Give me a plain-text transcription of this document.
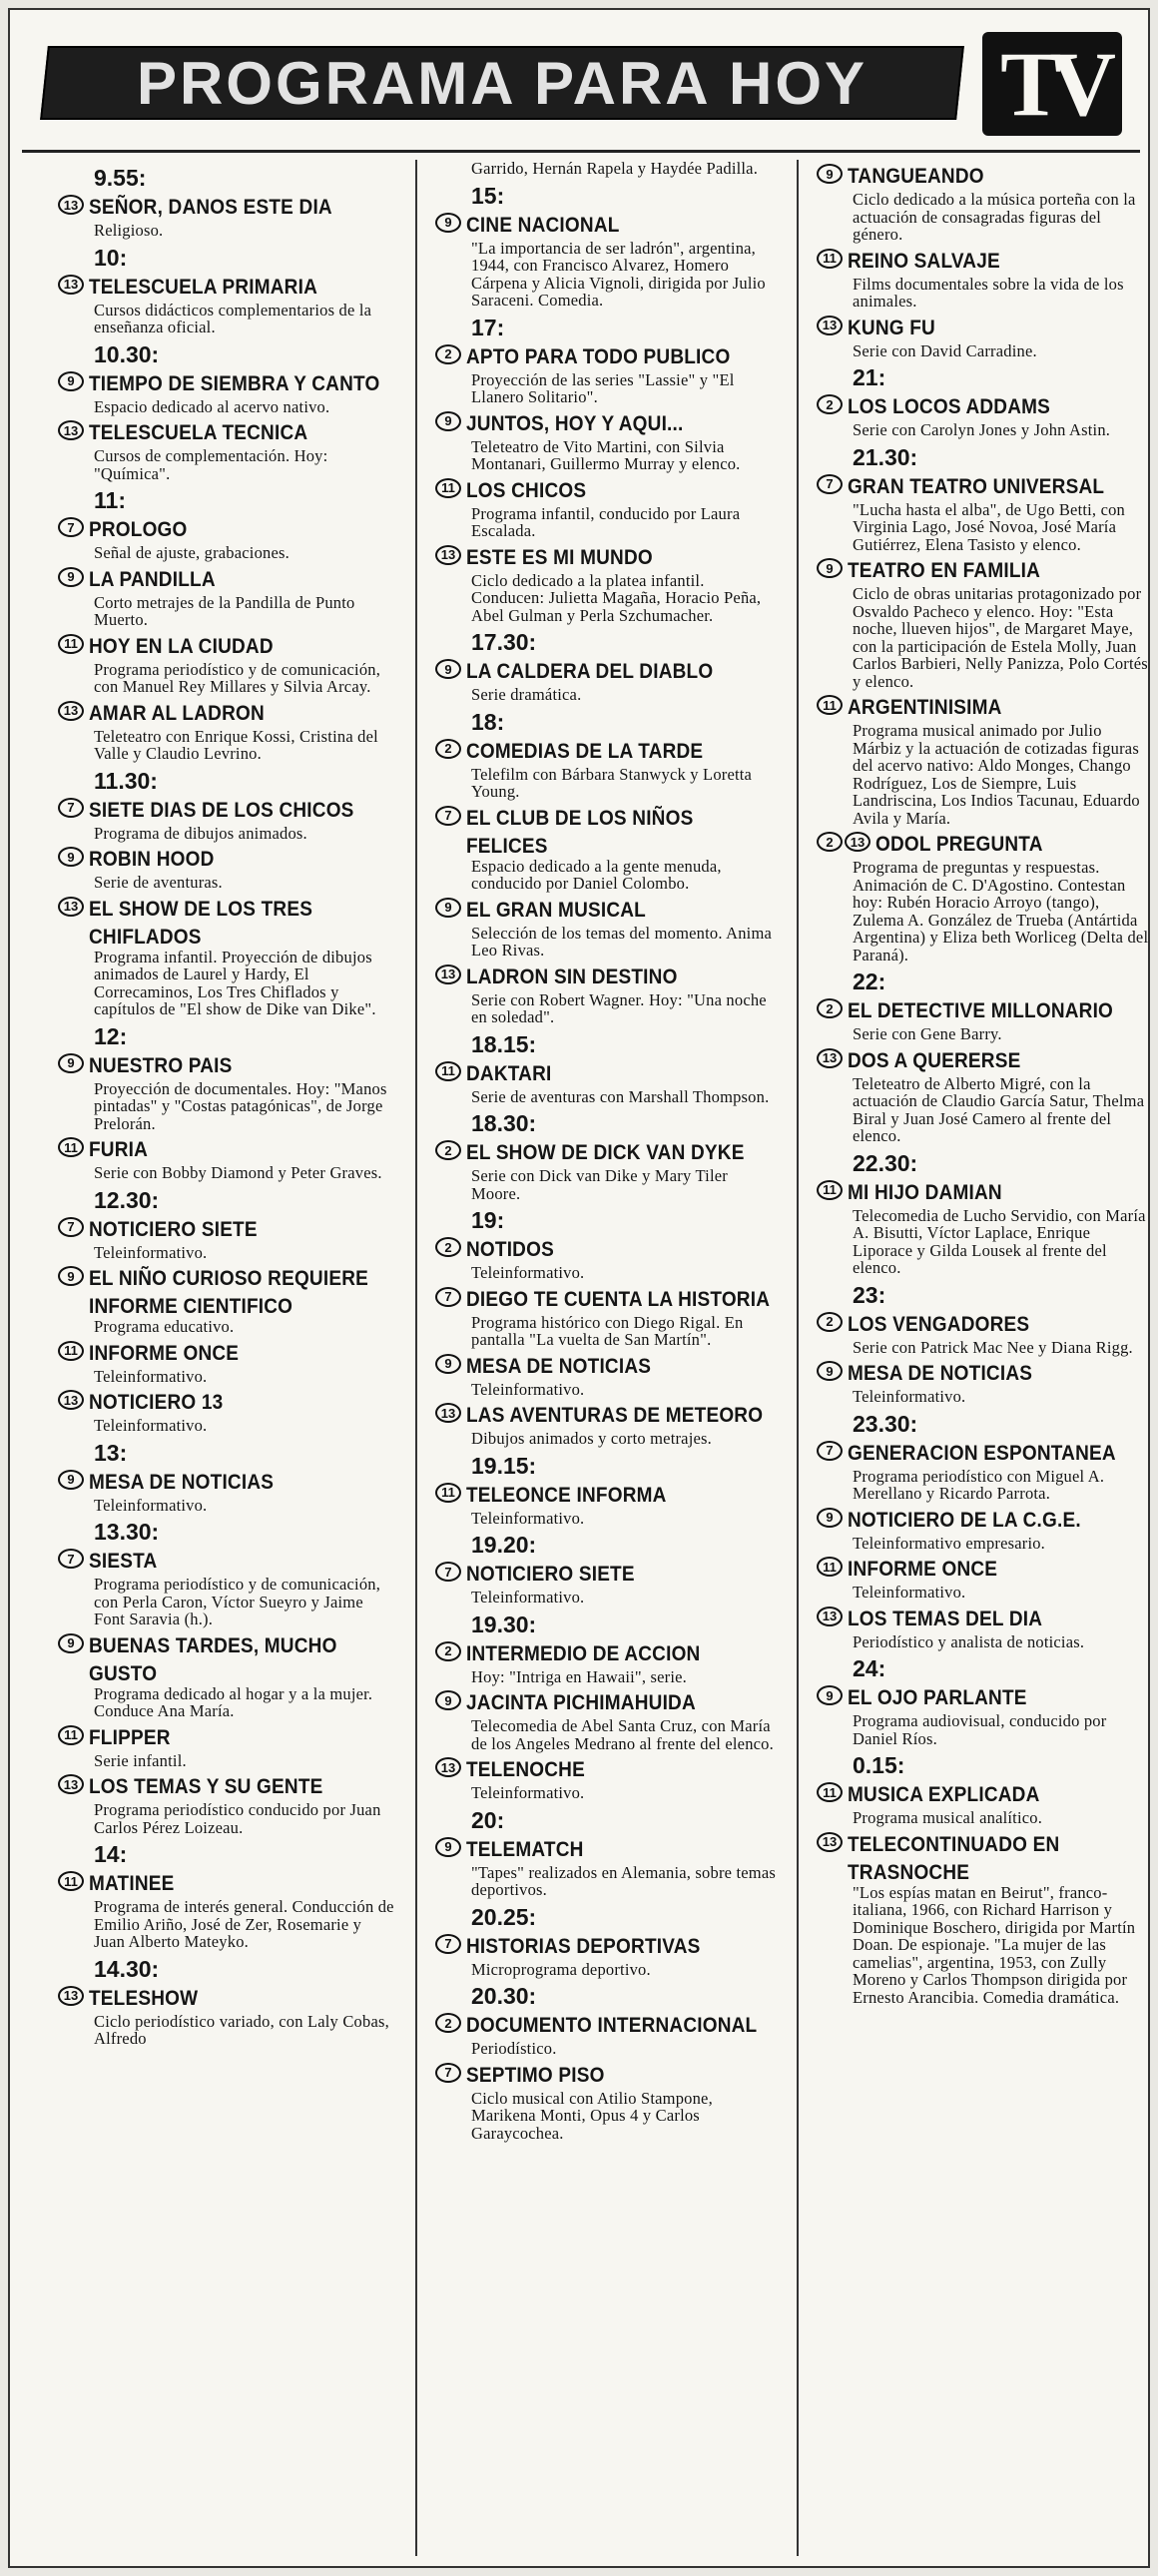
PROGRAMA PARA HOY TV
9.55:
13 SEÑOR, DANOS ESTE DIA
Religioso.
10:
13 TELESCUELA PRIMARIA
Cursos didácticos complementarios de la enseñanza oficial.
10.30:
9 TIEMPO DE SIEMBRA Y CANTO
Espacio dedicado al acervo nativo.
13 TELESCUELA TECNICA
Cursos de complementación. Hoy: "Química".
11:
7 PROLOGO
Señal de ajuste, grabaciones.
9 LA PANDILLA
Corto metrajes de la Pandilla de Punto Muerto.
11 HOY EN LA CIUDAD
Programa periodístico y de comunicación, con Manuel Rey Millares y Silvia Arcay.
13 AMAR AL LADRON
Teleteatro con Enrique Kossi, Cristina del Valle y Claudio Levrino.
11.30:
7 SIETE DIAS DE LOS CHICOS
Programa de dibujos animados.
9 ROBIN HOOD
Serie de aventuras.
13 EL SHOW DE LOS TRES CHIFLADOS
Programa infantil. Proyección de dibujos animados de Laurel y Hardy, El Correcaminos, Los Tres Chiflados y capítulos de "El show de Dike van Dike".
12:
9 NUESTRO PAIS
Proyección de documentales. Hoy: "Manos pintadas" y "Costas patagónicas", de Jorge Prelorán.
11 FURIA
Serie con Bobby Diamond y Peter Graves.
12.30:
7 NOTICIERO SIETE
Teleinformativo.
9 EL NIÑO CURIOSO REQUIERE INFORME CIENTIFICO
Programa educativo.
11 INFORME ONCE
Teleinformativo.
13 NOTICIERO 13
Teleinformativo.
13:
9 MESA DE NOTICIAS
Teleinformativo.
13.30:
7 SIESTA
Programa periodístico y de comunicación, con Perla Caron, Víctor Sueyro y Jaime Font Saravia (h.).
9 BUENAS TARDES, MUCHO GUSTO
Programa dedicado al hogar y a la mujer. Conduce Ana María.
11 FLIPPER
Serie infantil.
13 LOS TEMAS Y SU GENTE
Programa periodístico conducido por Juan Carlos Pérez Loizeau.
14:
11 MATINEE
Programa de interés general. Conducción de Emilio Ariño, José de Zer, Rosemarie y Juan Alberto Mateyko.
14.30:
13 TELESHOW
Ciclo periodístico variado, con Laly Cobas, Alfredo
Garrido, Hernán Rapela y Haydée Padilla.
15:
9 CINE NACIONAL
"La importancia de ser ladrón", argentina, 1944, con Francisco Alvarez, Homero Cárpena y Alicia Vignoli, dirigida por Julio Saraceni. Comedia.
17:
2 APTO PARA TODO PUBLICO
Proyección de las series "Lassie" y "El Llanero Solitario".
9 JUNTOS, HOY Y AQUI...
Teleteatro de Vito Martini, con Silvia Montanari, Guillermo Murray y elenco.
11 LOS CHICOS
Programa infantil, conducido por Laura Escalada.
13 ESTE ES MI MUNDO
Ciclo dedicado a la platea infantil. Conducen: Julietta Magaña, Horacio Peña, Abel Gulman y Perla Szchumacher.
17.30:
9 LA CALDERA DEL DIABLO
Serie dramática.
18:
2 COMEDIAS DE LA TARDE
Telefilm con Bárbara Stanwyck y Loretta Young.
7 EL CLUB DE LOS NIÑOS FELICES
Espacio dedicado a la gente menuda, conducido por Daniel Colombo.
9 EL GRAN MUSICAL
Selección de los temas del momento. Anima Leo Rivas.
13 LADRON SIN DESTINO
Serie con Robert Wagner. Hoy: "Una noche en soledad".
18.15:
11 DAKTARI
Serie de aventuras con Marshall Thompson.
18.30:
2 EL SHOW DE DICK VAN DYKE
Serie con Dick van Dike y Mary Tiler Moore.
19:
2 NOTIDOS
Teleinformativo.
7 DIEGO TE CUENTA LA HISTORIA
Programa histórico con Diego Rigal. En pantalla "La vuelta de San Martín".
9 MESA DE NOTICIAS
Teleinformativo.
13 LAS AVENTURAS DE METEORO
Dibujos animados y corto metrajes.
19.15:
11 TELEONCE INFORMA
Teleinformativo.
19.20:
7 NOTICIERO SIETE
Teleinformativo.
19.30:
2 INTERMEDIO DE ACCION
Hoy: "Intriga en Hawaii", serie.
9 JACINTA PICHIMAHUIDA
Telecomedia de Abel Santa Cruz, con María de los Angeles Medrano al frente del elenco.
13 TELENOCHE
Teleinformativo.
20:
9 TELEMATCH
"Tapes" realizados en Alemania, sobre temas deportivos.
20.25:
7 HISTORIAS DEPORTIVAS
Microprograma deportivo.
20.30:
2 DOCUMENTO INTERNACIONAL
Periodístico.
7 SEPTIMO PISO
Ciclo musical con Atilio Stampone, Marikena Monti, Opus 4 y Carlos Garaycochea.
9 TANGUEANDO
Ciclo dedicado a la música porteña con la actuación de consagradas figuras del género.
11 REINO SALVAJE
Films documentales sobre la vida de los animales.
13 KUNG FU
Serie con David Carradine.
21:
2 LOS LOCOS ADDAMS
Serie con Carolyn Jones y John Astin.
21.30:
7 GRAN TEATRO UNIVERSAL
"Lucha hasta el alba", de Ugo Betti, con Virginia Lago, José Novoa, José María Gutiérrez, Elena Tasisto y elenco.
9 TEATRO EN FAMILIA
Ciclo de obras unitarias protagonizado por Osvaldo Pacheco y elenco. Hoy: "Esta noche, llueven hijos", de Margaret Maye, con la participación de Estela Molly, Juan Carlos Barbieri, Nelly Panizza, Polo Cortés y elenco.
11 ARGENTINISIMA
Programa musical animado por Julio Márbiz y la actuación de cotizadas figuras del acervo nativo: Aldo Monges, Chango Rodríguez, Los de Siempre, Luis Landriscina, Los Indios Tacunau, Eduardo Avila y María.
2	13 ODOL PREGUNTA
Programa de preguntas y respuestas. Animación de C. D'Agostino. Contestan hoy: Rubén Horacio Arroyo (tango), Zulema A. González de Trueba (Antártida Argentina) y Eliza beth Worliceg (Delta del Paraná).
22:
2 EL DETECTIVE MILLONARIO
Serie con Gene Barry.
13 DOS A QUERERSE
Teleteatro de Alberto Migré, con la actuación de Claudio García Satur, Thelma Biral y Juan José Camero al frente del elenco.
22.30:
11 MI HIJO DAMIAN
Telecomedia de Lucho Servidio, con María A. Bisutti, Víctor Laplace, Enrique Liporace y Gilda Lousek al frente del elenco.
23:
2 LOS VENGADORES
Serie con Patrick Mac Nee y Diana Rigg.
9 MESA DE NOTICIAS
Teleinformativo.
23.30:
7 GENERACION ESPONTANEA
Programa periodístico con Miguel A. Merellano y Ricardo Parrota.
9 NOTICIERO DE LA C.G.E.
Teleinformativo empresario.
11 INFORME ONCE
Teleinformativo.
13 LOS TEMAS DEL DIA
Periodístico y analista de noticias.
24:
9 EL OJO PARLANTE
Programa audiovisual, conducido por Daniel Ríos.
0.15:
11 MUSICA EXPLICADA
Programa musical analítico.
13 TELECONTINUADO EN TRASNOCHE
"Los espías matan en Beirut", franco-italiana, 1966, con Richard Harrison y Dominique Boschero, dirigida por Martín Doan. De espionaje. "La mujer de las camelias", argentina, 1953, con Zully Moreno y Carlos Thompson dirigida por Ernesto Arancibia. Comedia dramática.
